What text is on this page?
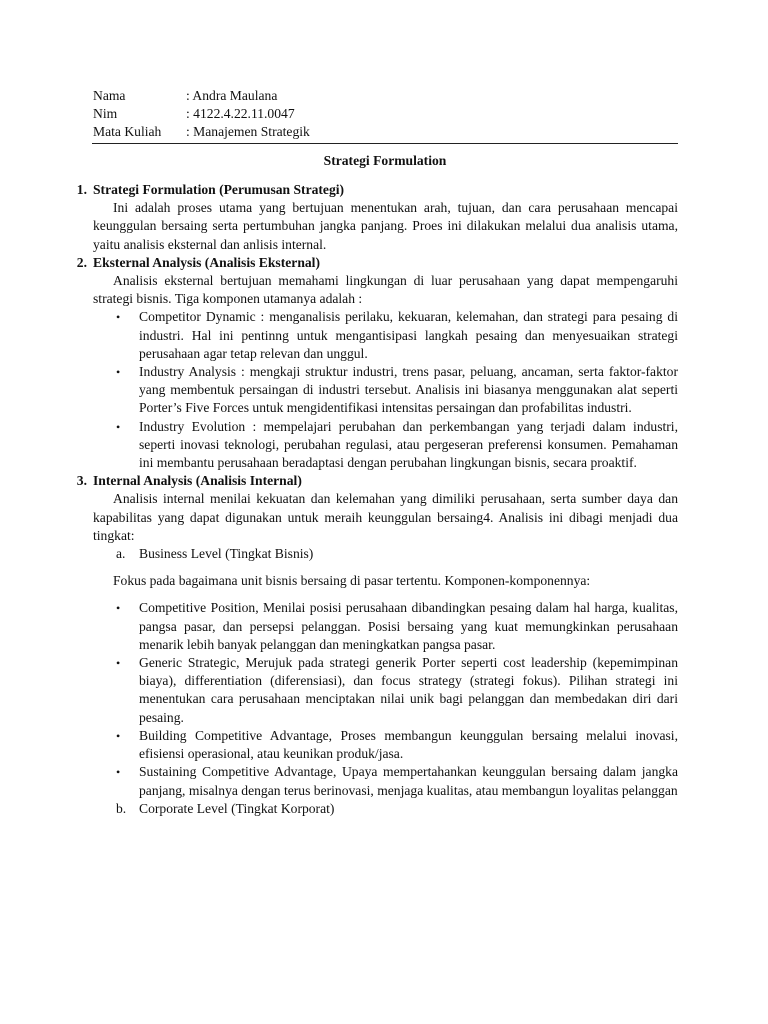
Nama	: Andra Maulana
Nim	: 4122.4.22.11.0047
Mata Kuliah	: Manajemen Strategik
Strategi Formulation
1. Strategi Formulation (Perumusan Strategi)
Ini adalah proses utama yang bertujuan menentukan arah, tujuan, dan cara perusahaan mencapai keunggulan bersaing serta pertumbuhan jangka panjang. Proes ini dilakukan melalui dua analisis utama, yaitu analisis eksternal dan anlisis internal.
2. Eksternal Analysis (Analisis Eksternal)
Analisis eksternal bertujuan memahami lingkungan di luar perusahaan yang dapat mempengaruhi strategi bisnis. Tiga komponen utamanya adalah :
• Competitor Dynamic : menganalisis perilaku, kekuaran, kelemahan, dan strategi para pesaing di industri. Hal ini pentinng untuk mengantisipasi langkah pesaing dan menyesuaikan strategi perusahaan agar tetap relevan dan unggul.
• Industry Analysis : mengkaji struktur industri, trens pasar, peluang, ancaman, serta faktor-faktor yang membentuk persaingan di industri tersebut. Analisis ini biasanya menggunakan alat seperti Porter’s Five Forces untuk mengidentifikasi intensitas persaingan dan profabilitas industri.
• Industry Evolution : mempelajari perubahan dan perkembangan yang terjadi dalam industri, seperti inovasi teknologi, perubahan regulasi, atau pergeseran preferensi konsumen. Pemahaman ini membantu perusahaan beradaptasi dengan perubahan lingkungan bisnis, secara proaktif.
3. Internal Analysis (Analisis Internal)
Analisis internal menilai kekuatan dan kelemahan yang dimiliki perusahaan, serta sumber daya dan kapabilitas yang dapat digunakan untuk meraih keunggulan bersaing4. Analisis ini dibagi menjadi dua tingkat:
a. Business Level (Tingkat Bisnis)
Fokus pada bagaimana unit bisnis bersaing di pasar tertentu. Komponen-komponennya:
• Competitive Position, Menilai posisi perusahaan dibandingkan pesaing dalam hal harga, kualitas, pangsa pasar, dan persepsi pelanggan. Posisi bersaing yang kuat memungkinkan perusahaan menarik lebih banyak pelanggan dan meningkatkan pangsa pasar.
• Generic Strategic, Merujuk pada strategi generik Porter seperti cost leadership (kepemimpinan biaya), differentiation (diferensiasi), dan focus strategy (strategi fokus). Pilihan strategi ini menentukan cara perusahaan menciptakan nilai unik bagi pelanggan dan membedakan diri dari pesaing.
• Building Competitive Advantage, Proses membangun keunggulan bersaing melalui inovasi, efisiensi operasional, atau keunikan produk/jasa.
• Sustaining Competitive Advantage, Upaya mempertahankan keunggulan bersaing dalam jangka panjang, misalnya dengan terus berinovasi, menjaga kualitas, atau membangun loyalitas pelanggan
b. Corporate Level (Tingkat Korporat)
